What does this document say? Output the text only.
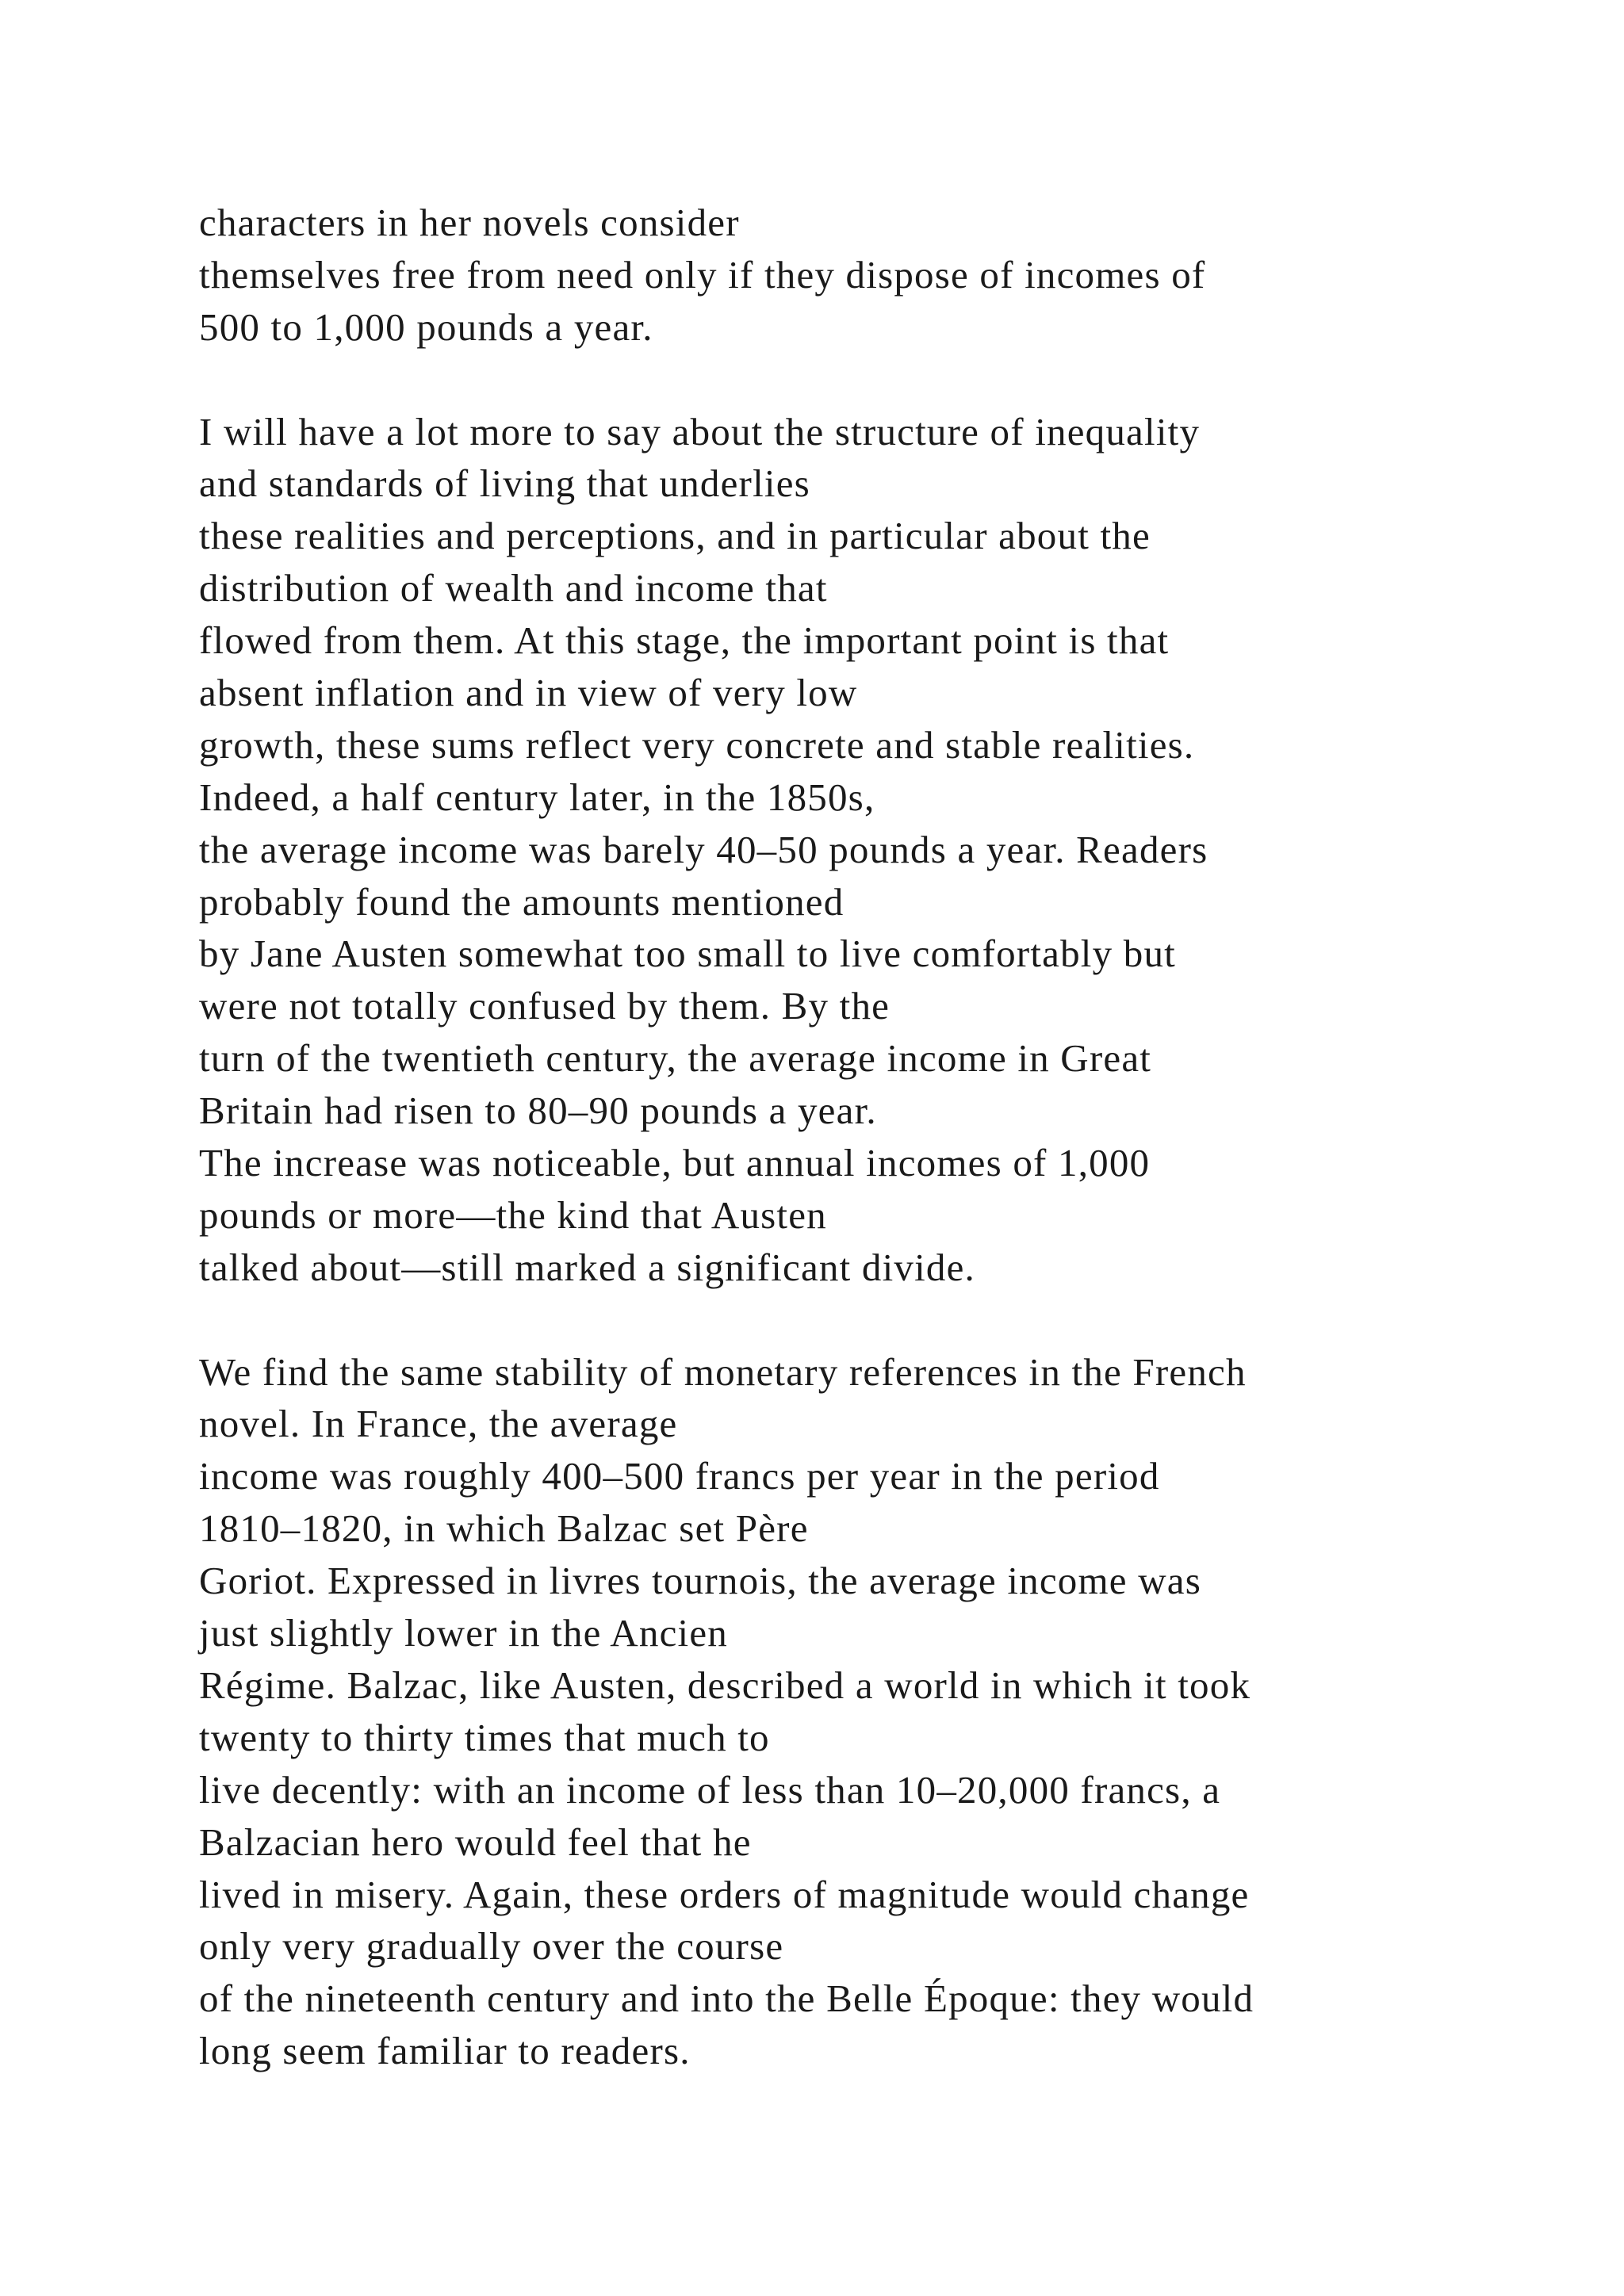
characters in her novels consider
themselves free from need only if they dispose of incomes of
500 to 1,000 pounds a year.
I will have a lot more to say about the structure of inequality
and standards of living that underlies
these realities and perceptions, and in particular about the
distribution of wealth and income that
flowed from them. At this stage, the important point is that
absent inflation and in view of very low
growth, these sums reflect very concrete and stable realities.
Indeed, a half century later, in the 1850s,
the average income was barely 40–50 pounds a year. Readers
probably found the amounts mentioned
by Jane Austen somewhat too small to live comfortably but
were not totally confused by them. By the
turn of the twentieth century, the average income in Great
Britain had risen to 80–90 pounds a year.
The increase was noticeable, but annual incomes of 1,000
pounds or more—the kind that Austen
talked about—still marked a significant divide.
We find the same stability of monetary references in the French
novel. In France, the average
income was roughly 400–500 francs per year in the period
1810–1820, in which Balzac set Père
Goriot. Expressed in livres tournois, the average income was
just slightly lower in the Ancien
Régime. Balzac, like Austen, described a world in which it took
twenty to thirty times that much to
live decently: with an income of less than 10–20,000 francs, a
Balzacian hero would feel that he
lived in misery. Again, these orders of magnitude would change
only very gradually over the course
of the nineteenth century and into the Belle Époque: they would
long seem familiar to readers.
